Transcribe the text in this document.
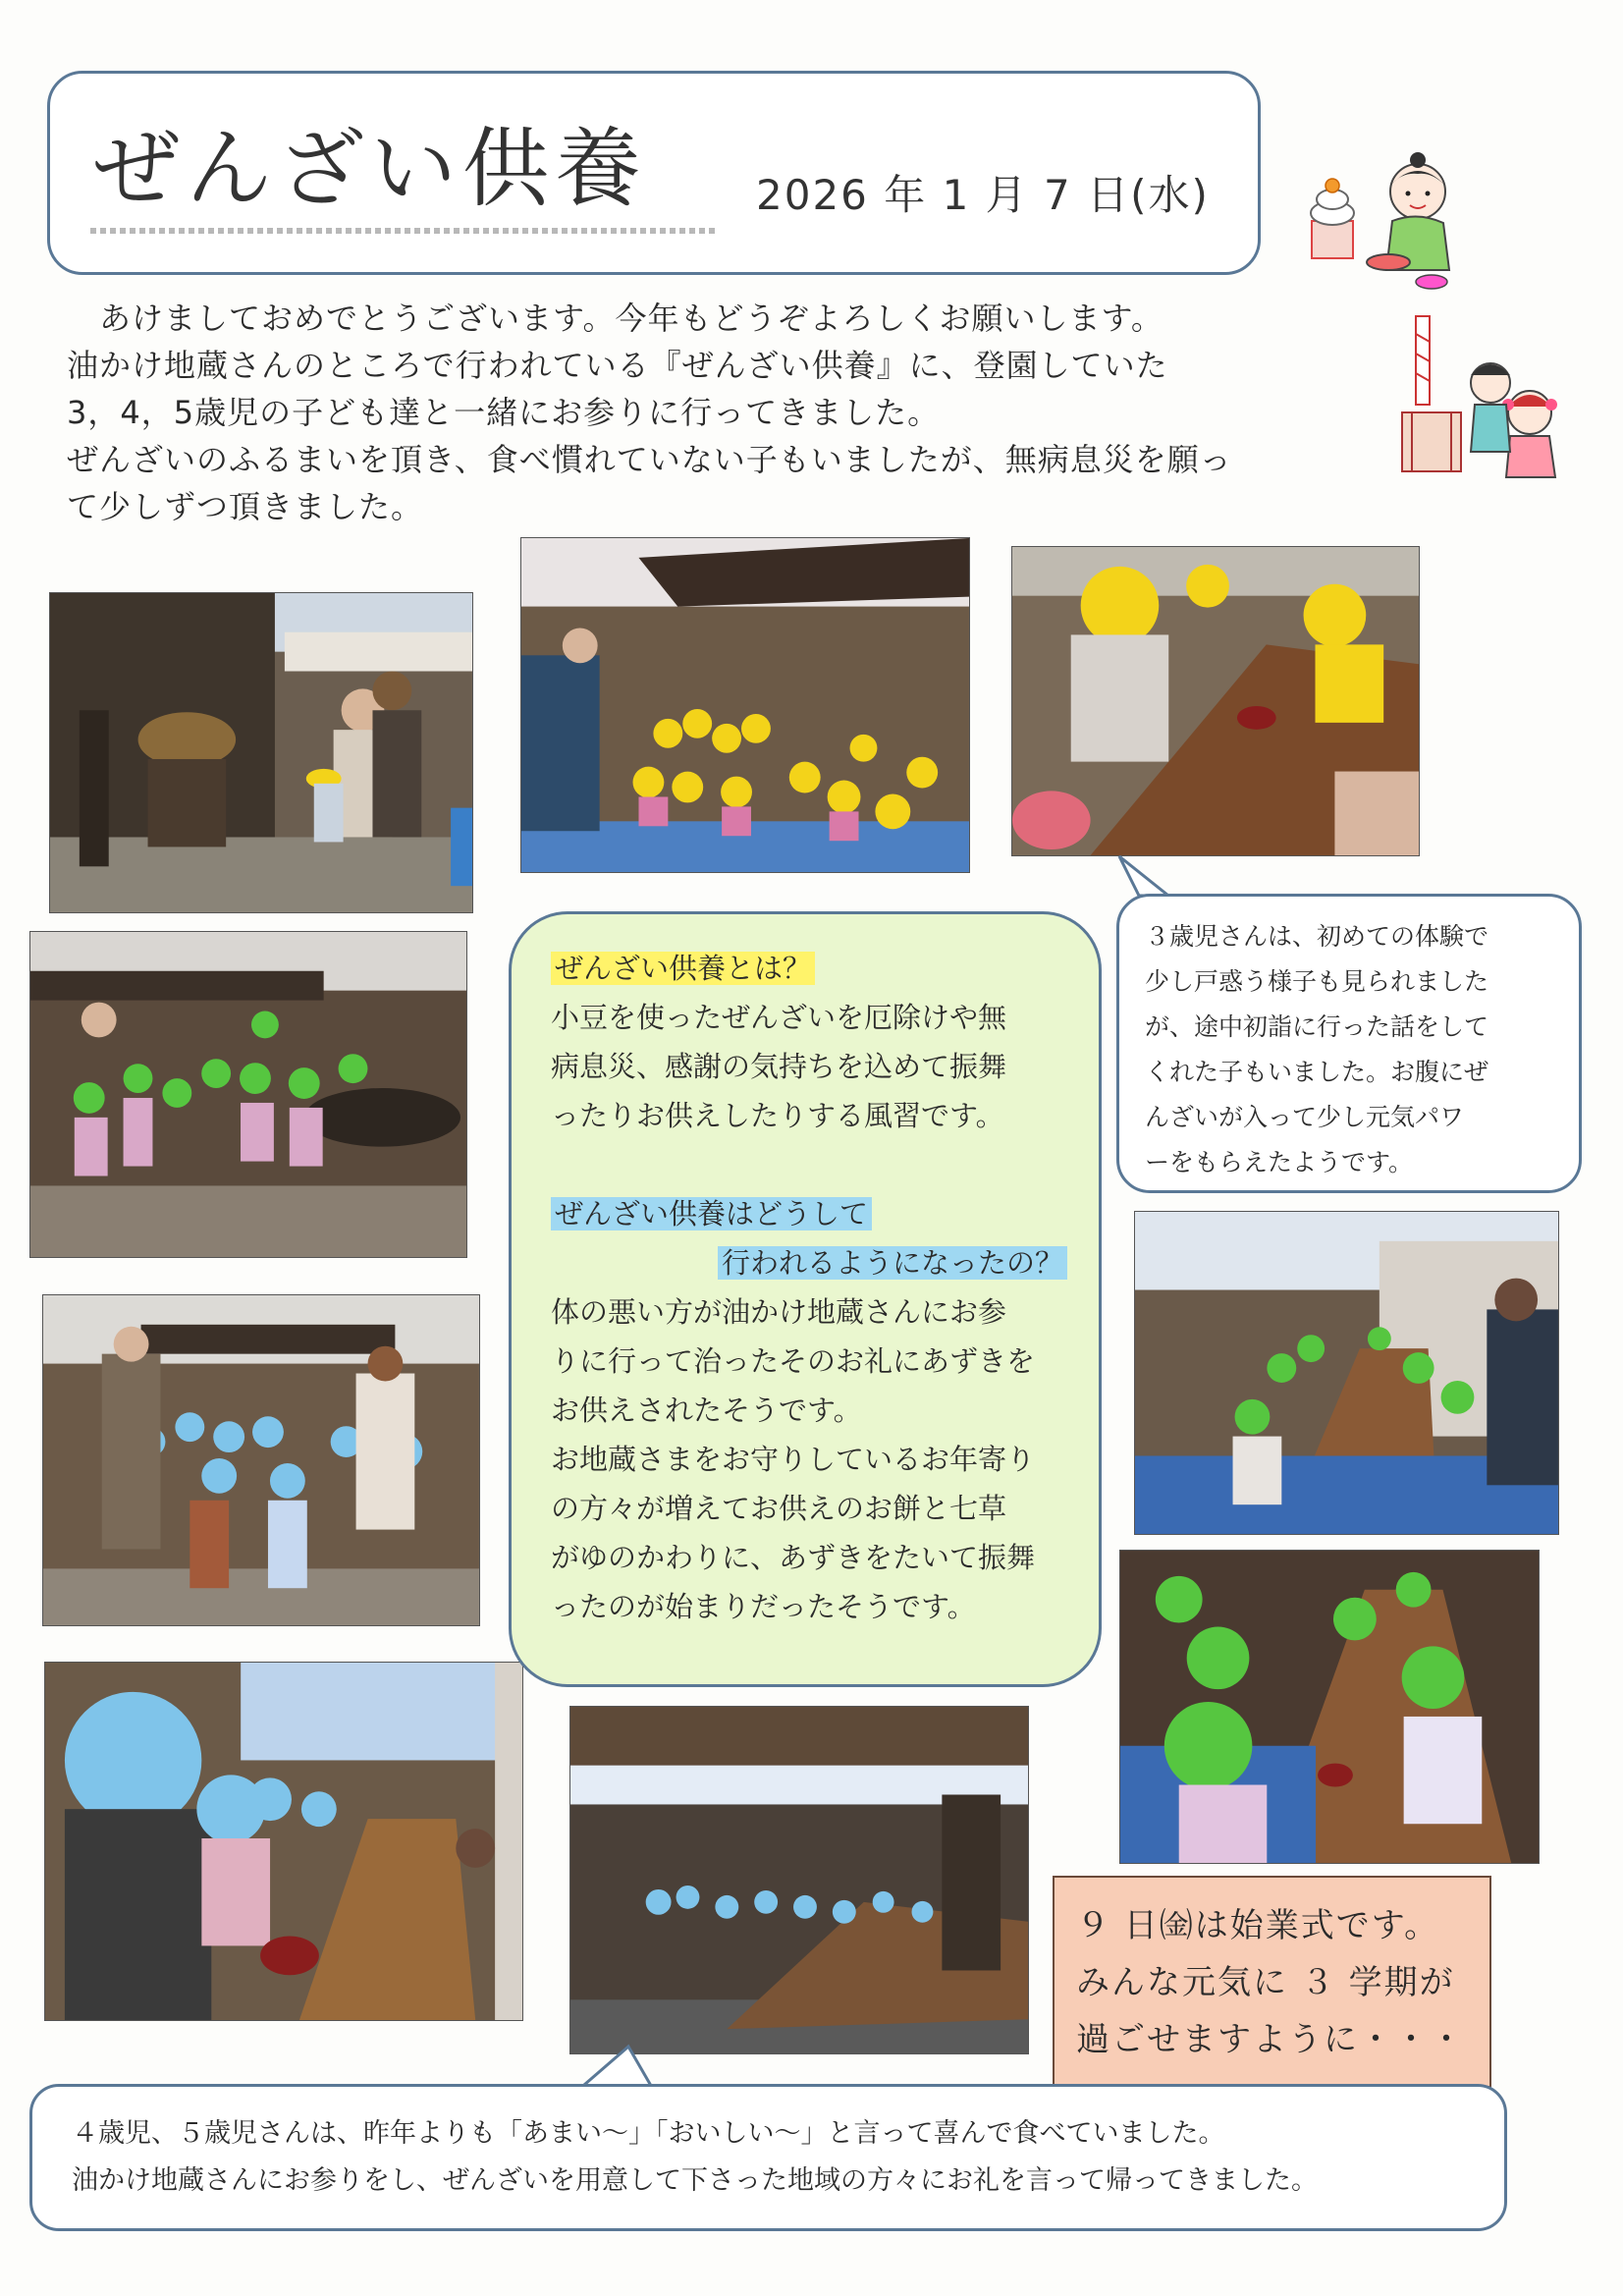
ぜんざい供養	2026 年 1 月 7 日(水)

　あけましておめでとうございます。今年もどうぞよろしくお願いします。

油かけ地蔵さんのところで行われている『ぜんざい供養』に、登園していた

3，4，5歳児の子ども達と一緒にお参りに行ってきました。

ぜんざいのふるまいを頂き、食べ慣れていない子もいましたが、無病息災を願っ

て少しずつ頂きました。

ぜんざい供養とは？

小豆を使ったぜんざいを厄除けや無

病息災、感謝の気持ちを込めて振舞

ったりお供えしたりする風習です。

ぜんざい供養はどうして

行われるようになったの？

体の悪い方が油かけ地蔵さんにお参

りに行って治ったそのお礼にあずきを

お供えされたそうです。

お地蔵さまをお守りしているお年寄り

の方々が増えてお供えのお餅と七草

がゆのかわりに、あずきをたいて振舞

ったのが始まりだったそうです。

３歳児さんは、初めての体験で

少し戸惑う様子も見られました

が、途中初詣に行った話をして

くれた子もいました。お腹にぜ

んざいが入って少し元気パワ

ーをもらえたようです。

９ 日㈮は始業式です。

みんな元気に ３ 学期が

過ごせますように・・・

４歳児、５歳児さんは、昨年よりも「あまい～」「おいしい～」と言って喜んで食べていました。

油かけ地蔵さんにお参りをし、ぜんざいを用意して下さった地域の方々にお礼を言って帰ってきました。
